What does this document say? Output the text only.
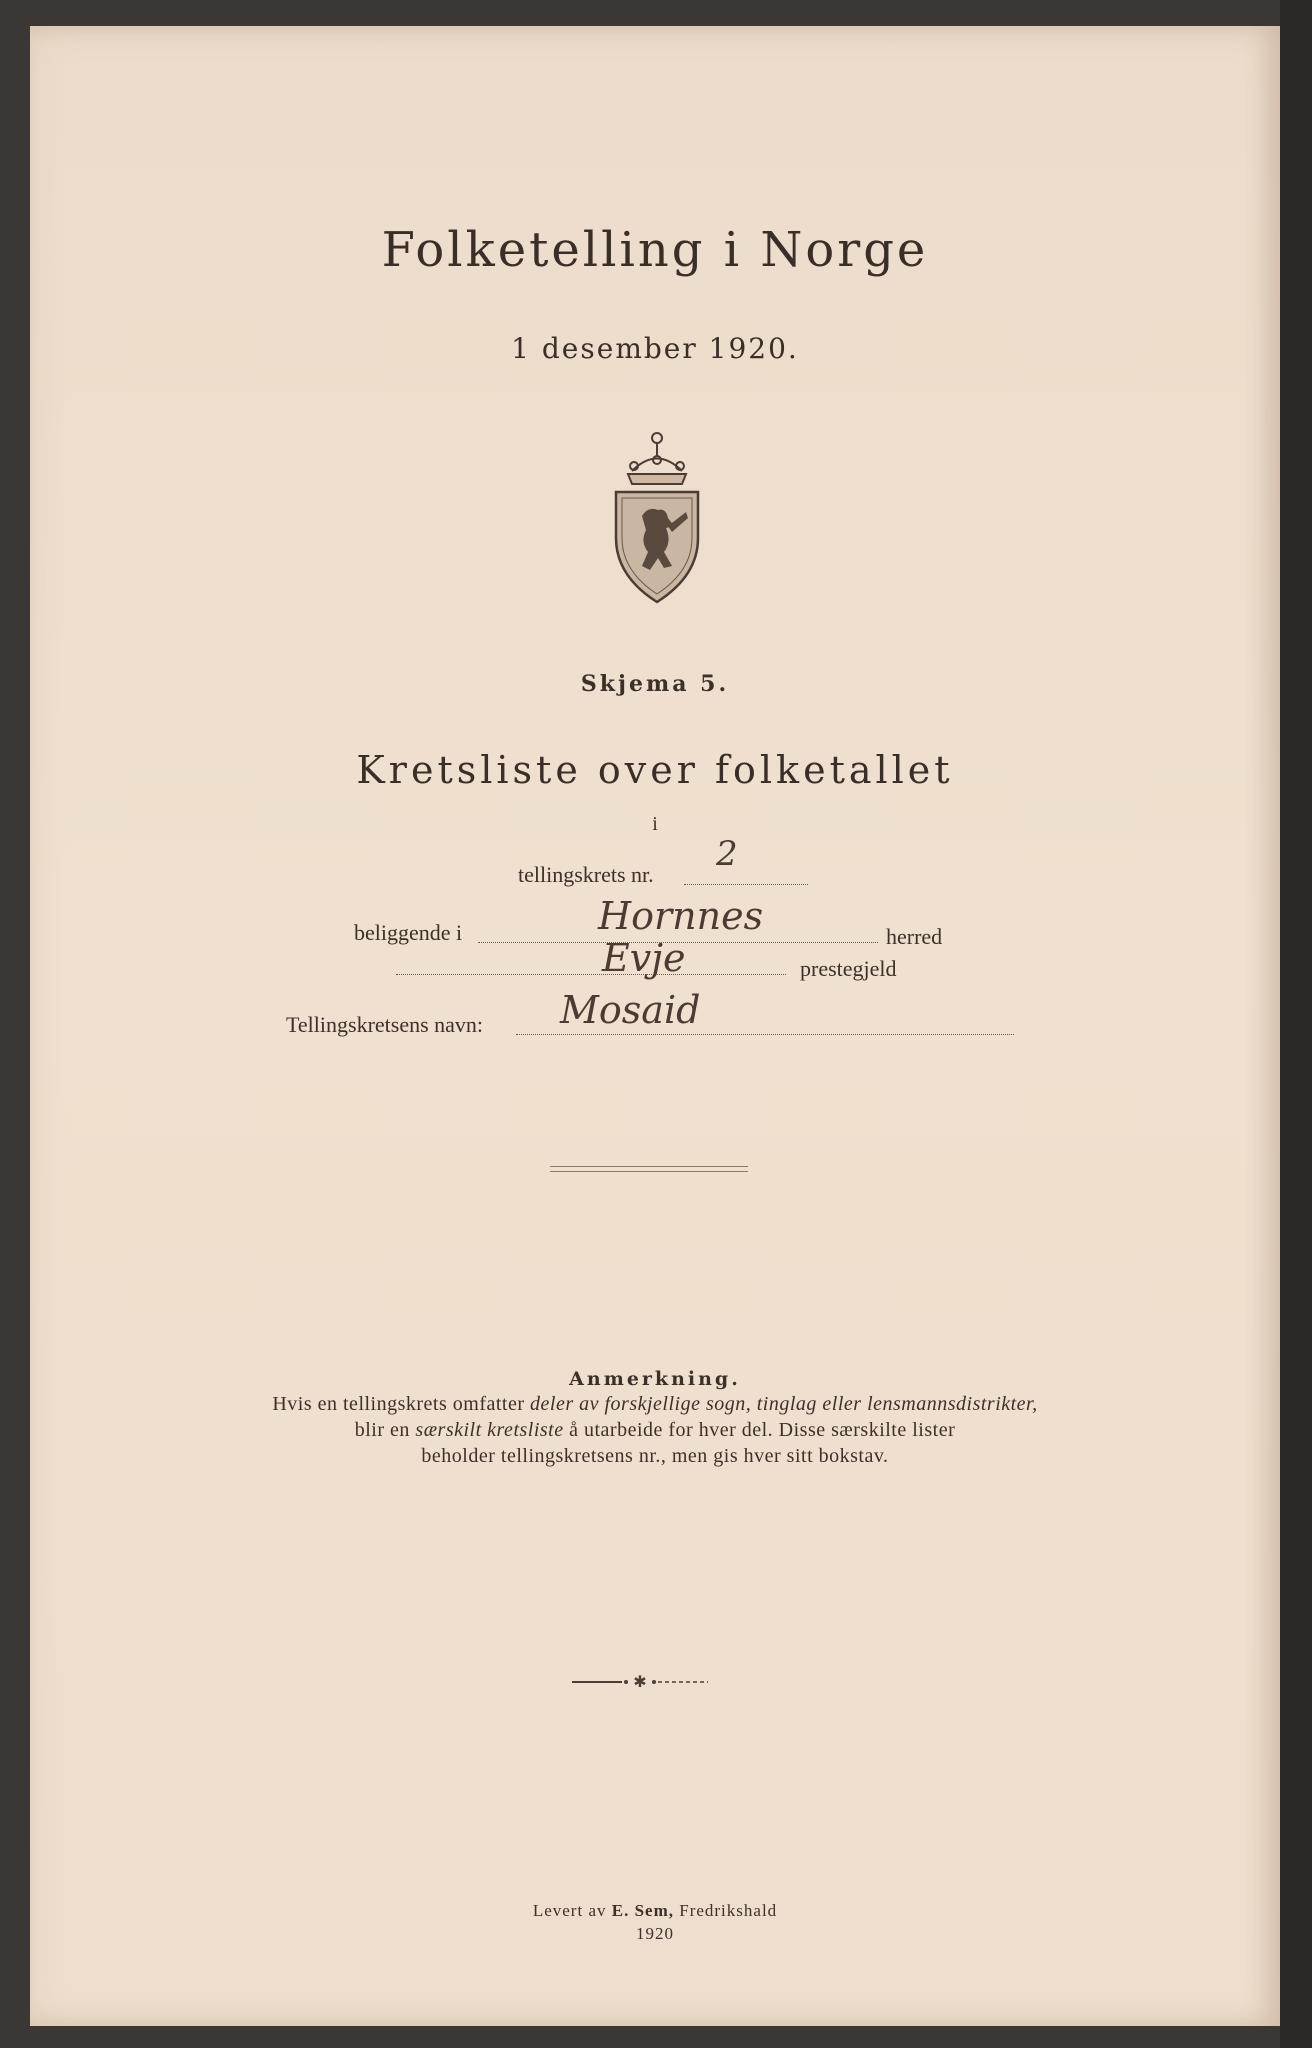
Folketelling i Norge
1 desember 1920.
Skjema 5.
Kretsliste over folketallet
i
tellingskrets nr.
2
beliggende i	Hornnes	herred
Evje	prestegjeld
Tellingskretsens navn: Mosaid
Anmerkning.
Hvis en tellingskrets omfatter deler av forskjellige sogn, tinglag eller lensmannsdistrikter,
blir en særskilt kretsliste å utarbeide for hver del. Disse særskilte lister
beholder tellingskretsens nr., men gis hver sitt bokstav.
✱
Levert av E. Sem, Fredrikshald
1920
